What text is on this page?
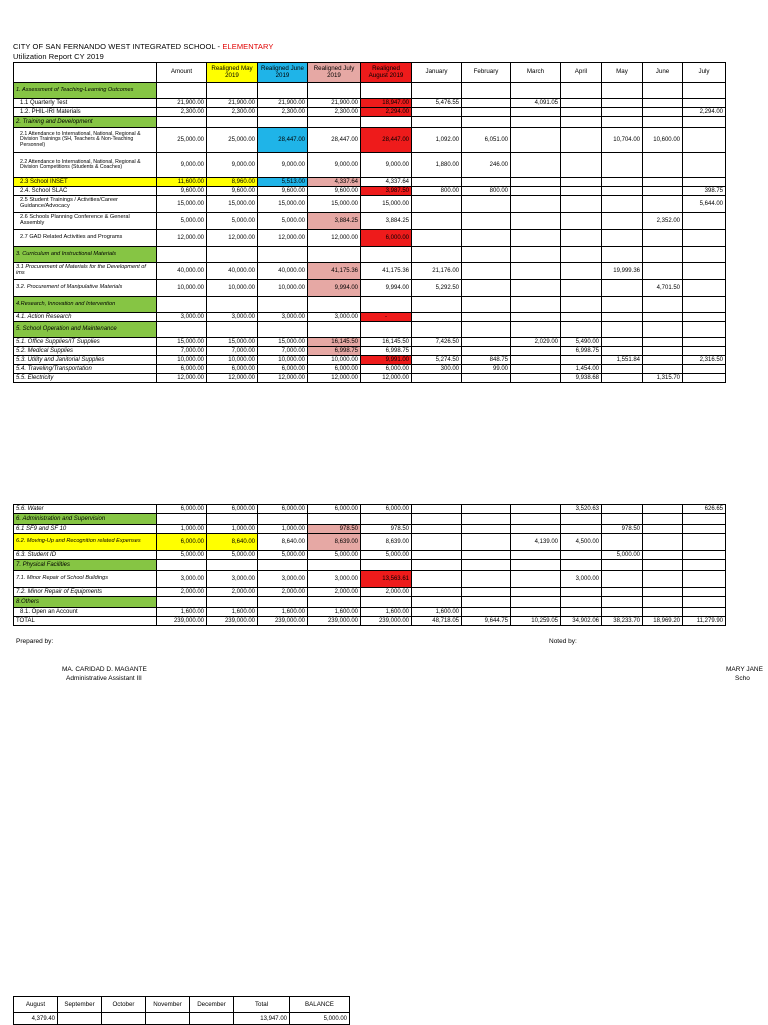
CITY OF SAN FERNANDO WEST INTEGRATED SCHOOL - ELEMENTARY
Utilization Report CY 2019
	Amount	Realigned May 2019	Realigned June 2019	Realigned July 2019	Realigned August 2019	January	February	March	April	May	June	July
1. Assessment of Teaching-Learning Outcomes												
1.1 Quarterly Test	21,900.00	21,900.00	21,900.00	21,900.00	18,947.00	5,476.55		4,091.05				
1.2. PHIL-IRI Materials	2,300.00	2,300.00	2,300.00	2,300.00	2,294.00							2,294.00
2. Training and Development												
2.1 Attendance to International, National, Regional & Division Trainings (SH, Teachers & Non-Teaching Personnel)	25,000.00	25,000.00	28,447.00	28,447.00	28,447.00	1,092.00	6,051.00			10,704.00	10,600.00	
2.2 Attendance to International, National, Regional & Division Competitions (Students & Coaches)	9,000.00	9,000.00	9,000.00	9,000.00	9,000.00	1,880.00	246.00					
2.3 School INSET	11,600.00	8,960.00	5,513.00	4,337.64	4,337.64							
2.4. School SLAC	9,600.00	9,600.00	9,600.00	9,600.00	3,987.50	800.00	800.00					398.75
2.5 Student Trainings / Activities/Career Guidance/Advocacy	15,000.00	15,000.00	15,000.00	15,000.00	15,000.00							5,644.00
2.6 Schools Planning Conference & General Assembly	5,000.00	5,000.00	5,000.00	3,884.25	3,884.25						2,352.00	
2.7 GAD Related Activities and Programs	12,000.00	12,000.00	12,000.00	12,000.00	6,000.00							
3. Curriculum and Instructional Materials												
3.1 Procurement of Materials for the Development of ims	40,000.00	40,000.00	40,000.00	41,175.36	41,175.36	21,176.00				19,999.36		
3.2. Procurement of Manipulative Materials	10,000.00	10,000.00	10,000.00	9,994.00	9,994.00	5,292.50					4,701.50	
4.Research, Innovation and Intervention												
4.1. Action Research	3,000.00	3,000.00	3,000.00	3,000.00	-							
5. School Operation and Maintenance												
5.1. Office Supplies/IT Supplies	15,000.00	15,000.00	15,000.00	16,145.50	16,145.50	7,426.50		2,029.00	5,490.00			
5.2. Medical Supplies	7,000.00	7,000.00	7,000.00	6,998.75	6,998.75				6,998.75			
5.3. Utility and Janitorial Supplies	10,000.00	10,000.00	10,000.00	10,000.00	9,991.00	5,274.50	848.75			1,551.84		2,316.50
5.4. Traveling/Transportation	6,000.00	6,000.00	6,000.00	6,000.00	6,000.00	300.00	99.00		1,454.00			
5.5. Electricity	12,000.00	12,000.00	12,000.00	12,000.00	12,000.00				9,938.68		1,315.70	
5.6. Water	6,000.00	6,000.00	6,000.00	6,000.00	6,000.00				3,520.63			626.65
6. Administration and Supervision												
6.1 SF9 and SF 10	1,000.00	1,000.00	1,000.00	978.50	978.50					978.50		
6.2. Moving-Up and Recognition related Expenses	6,000.00	8,640.00	8,640.00	8,639.00	8,639.00			4,139.00	4,500.00			
6.3. Student ID	5,000.00	5,000.00	5,000.00	5,000.00	5,000.00					5,000.00		
7. Physical Facilities												
7.1. Minor Repair of School Buildings	3,000.00	3,000.00	3,000.00	3,000.00	13,563.61				3,000.00			
7.2. Minor Repair of Equipments	2,000.00	2,000.00	2,000.00	2,000.00	2,000.00							
8.Others												
8.1. Open an Account	1,600.00	1,600.00	1,600.00	1,600.00	1,600.00	1,600.00						
TOTAL	239,000.00	239,000.00	239,000.00	239,000.00	239,000.00	48,718.05	9,644.75	10,259.05	34,902.06	38,233.70	18,969.20	11,279.90
Prepared by:	Noted by:
MA. CARIDAD D. MAGANTE
Administrative Assistant III
MARY JANE
Scho
August	September	October	November	December	Total	BALANCE
4,379.40					13,947.00	5,000.00
